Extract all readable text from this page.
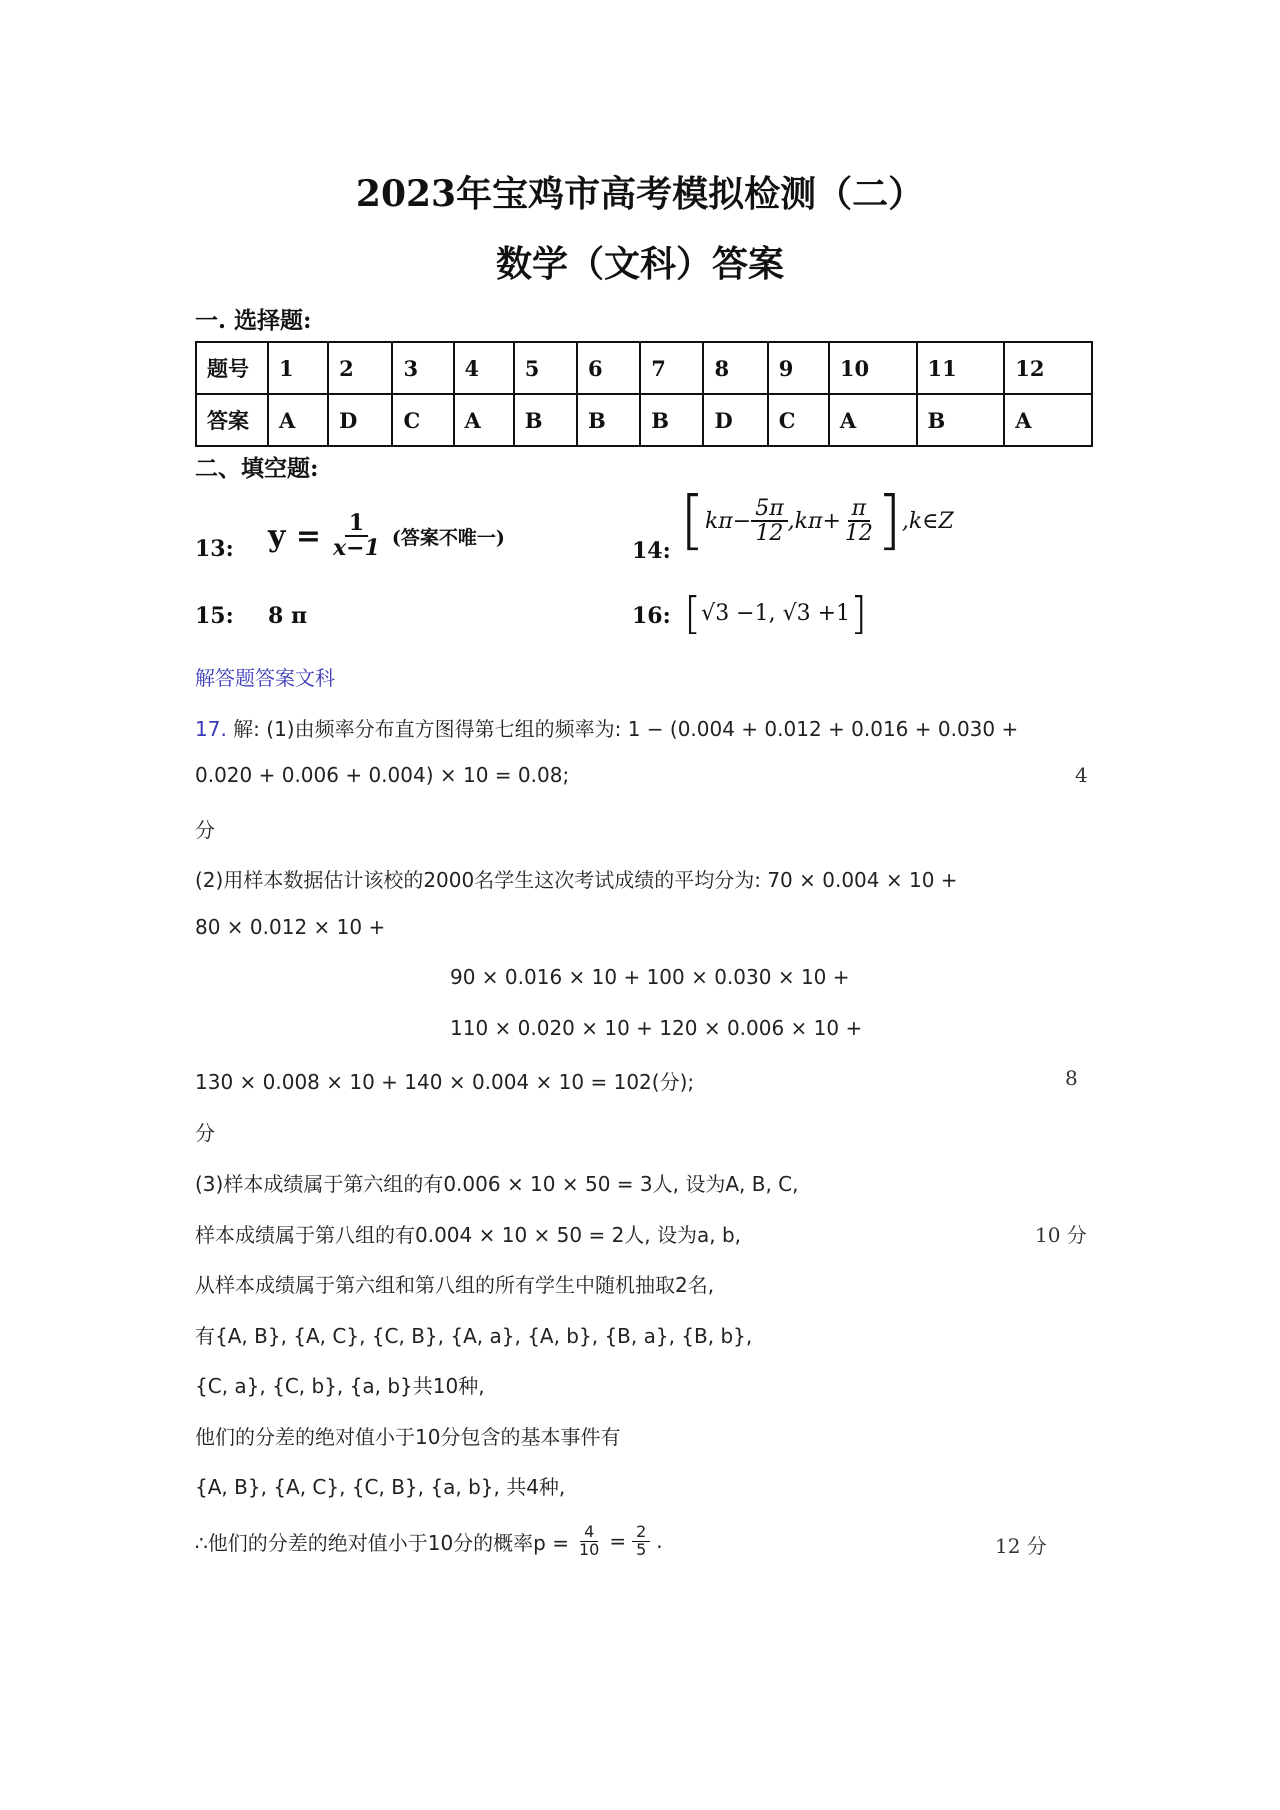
2023年宝鸡市高考模拟检测（二）
数学（文科）答案
一. 选择题:
题号	1	2	3	4	5	6	7	8	9	10	11	12
答案	A	D	C	A	B	B	B	D	C	A	B	A
二、填空题:
13: $y = \frac{1}{x-1}$ (答案不唯一)
14: [ $k\pi- \frac{5\pi}{12} ,k\pi+ \frac{\pi}{12}$ ] ,k∈Z
15: 8 π	16: [ √3 −1, √3 +1 ]
解答题答案文科
17. 解: (1)由频率分布直方图得第七组的频率为: 1 − (0.004 + 0.012 + 0.016 + 0.030 +
0.020 + 0.006 + 0.004) × 10 = 0.08;	4
分
(2)用样本数据估计该校的2000名学生这次考试成绩的平均分为: 70 × 0.004 × 10 +
80 × 0.012 × 10 +
90 × 0.016 × 10 + 100 × 0.030 × 10 +
110 × 0.020 × 10 + 120 × 0.006 × 10 +
130 × 0.008 × 10 + 140 × 0.004 × 10 = 102(分);	8
分
(3)样本成绩属于第六组的有0.006 × 10 × 50 = 3人, 设为A, B, C,
样本成绩属于第八组的有0.004 × 10 × 50 = 2人, 设为a, b,	10 分
从样本成绩属于第六组和第八组的所有学生中随机抽取2名,
有{A, B}, {A, C}, {C, B}, {A, a}, {A, b}, {B, a}, {B, b},
{C, a}, {C, b}, {a, b}共10种,
他们的分差的绝对值小于10分包含的基本事件有
{A, B}, {A, C}, {C, B}, {a, b}, 共4种,
∴他们的分差的绝对值小于10分的概率$p = \frac{4}{10} = \frac{2}{5}$ .	12 分
